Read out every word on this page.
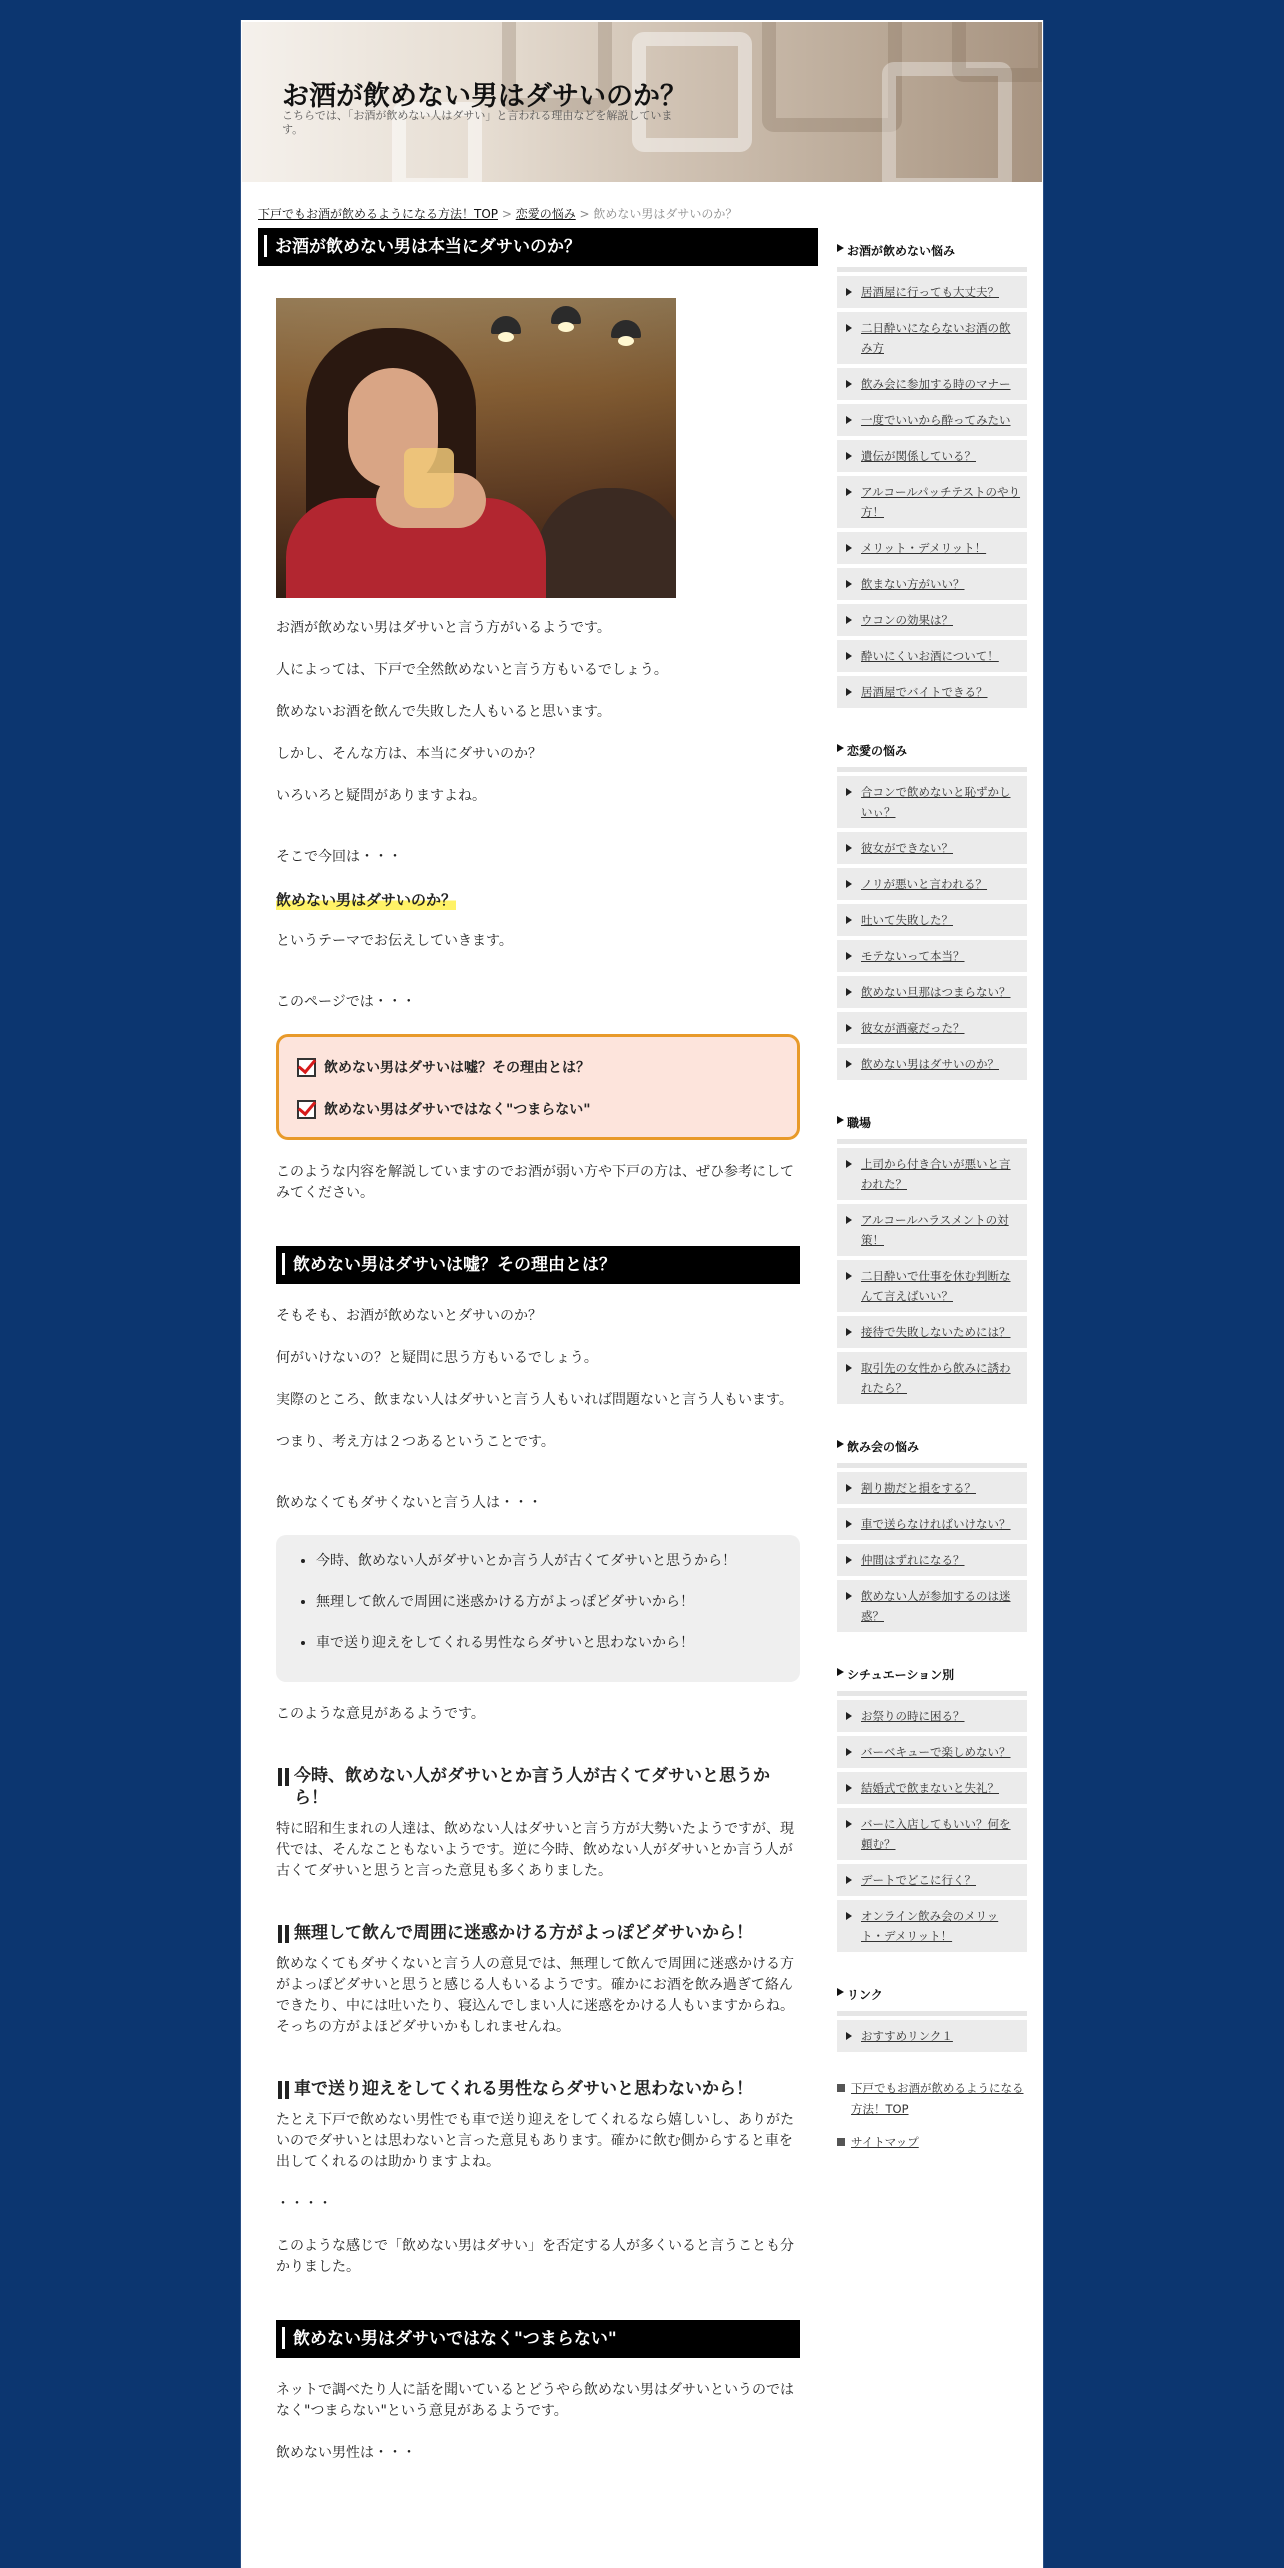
お酒が飲めない男はダサいのか？
こちらでは、「お酒が飲めない人はダサい」と言われる理由などを解説しています。
下戸でもお酒が飲めるようになる方法！TOP > 恋愛の悩み > 飲めない男はダサいのか？
お酒が飲めない男は本当にダサいのか？

お酒が飲めない男はダサいと言う方がいるようです。

人によっては、下戸で全然飲めないと言う方もいるでしょう。

飲めないお酒を飲んで失敗した人もいると思います。

しかし、そんな方は、本当にダサいのか？

いろいろと疑問がありますよね。

そこで今回は・・・

飲めない男はダサいのか？

というテーマでお伝えしていきます。

このページでは・・・

飲めない男はダサいは嘘？その理由とは？
飲めない男はダサいではなく"つまらない"

このような内容を解説していますのでお酒が弱い方や下戸の方は、ぜひ参考にしてみてください。

飲めない男はダサいは嘘？その理由とは？

そもそも、お酒が飲めないとダサいのか？

何がいけないの？と疑問に思う方もいるでしょう。

実際のところ、飲まない人はダサいと言う人もいれば問題ないと言う人もいます。

つまり、考え方は２つあるということです。

飲めなくてもダサくないと言う人は・・・

• 今時、飲めない人がダサいとか言う人が古くてダサいと思うから！
• 無理して飲んで周囲に迷惑かける方がよっぽどダサいから！
• 車で送り迎えをしてくれる男性ならダサいと思わないから！

このような意見があるようです。

今時、飲めない人がダサいとか言う人が古くてダサいと思うから！

特に昭和生まれの人達は、飲めない人はダサいと言う方が大勢いたようですが、現代では、そんなこともないようです。逆に今時、飲めない人がダサいとか言う人が古くてダサいと思うと言った意見も多くありました。

無理して飲んで周囲に迷惑かける方がよっぽどダサいから！

飲めなくてもダサくないと言う人の意見では、無理して飲んで周囲に迷惑かける方がよっぽどダサいと思うと感じる人もいるようです。確かにお酒を飲み過ぎて絡んできたり、中には吐いたり、寝込んでしまい人に迷惑をかける人もいますからね。そっちの方がよほどダサいかもしれませんね。

車で送り迎えをしてくれる男性ならダサいと思わないから！

たとえ下戸で飲めない男性でも車で送り迎えをしてくれるなら嬉しいし、ありがたいのでダサいとは思わないと言った意見もあります。確かに飲む側からすると車を出してくれるのは助かりますよね。

・・・・

このような感じで「飲めない男はダサい」を否定する人が多くいると言うことも分かりました。

飲めない男はダサいではなく"つまらない"

ネットで調べたり人に話を聞いているとどうやら飲めない男はダサいというのではなく"つまらない"という意見があるようです。

飲めない男性は・・・

お酒が飲めない悩み
居酒屋に行っても大丈夫？
二日酔いにならないお酒の飲み方
飲み会に参加する時のマナー
一度でいいから酔ってみたい
遺伝が関係している？
アルコールパッチテストのやり方！
メリット・デメリット！
飲まない方がいい？
ウコンの効果は？
酔いにくいお酒について！
居酒屋でバイトできる？
恋愛の悩み
合コンで飲めないと恥ずかしいぃ？
彼女ができない？
ノリが悪いと言われる？
吐いて失敗した？
モテないって本当？
飲めない旦那はつまらない？
彼女が酒豪だった？
飲めない男はダサいのか？
職場
上司から付き合いが悪いと言われた？
アルコールハラスメントの対策！
二日酔いで仕事を休む判断なんて言えばいい？
接待で失敗しないためには？
取引先の女性から飲みに誘われたら？
飲み会の悩み
割り勘だと損をする？
車で送らなければいけない？
仲間はずれになる？
飲めない人が参加するのは迷惑？
シチュエーション別
お祭りの時に困る？
バーベキューで楽しめない？
結婚式で飲まないと失礼？
バーに入店してもいい？何を頼む？
デートでどこに行く？
オンライン飲み会のメリット・デメリット！
リンク
おすすめリンク１
下戸でもお酒が飲めるようになる方法！TOP
サイトマップ
